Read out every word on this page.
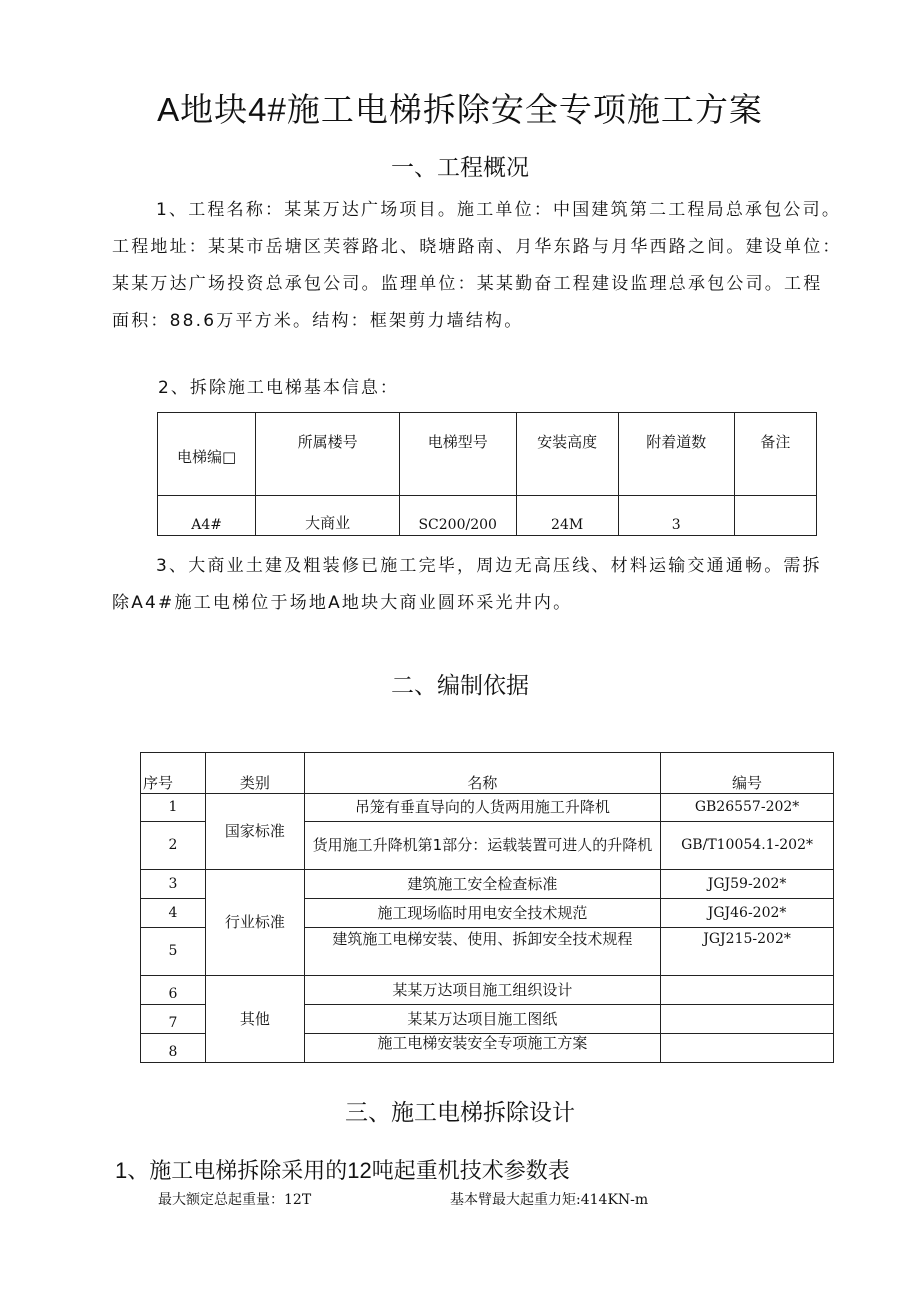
A地块4#施工电梯拆除安全专项施工方案
一、工程概况
1、工程名称：某某万达广场项目。施工单位：中国建筑第二工程局总承包公司。
工程地址：某某市岳塘区芙蓉路北、晓塘路南、月华东路与月华西路之间。建设单位：
某某万达广场投资总承包公司。监理单位：某某勤奋工程建设监理总承包公司。工程
面积：88.6万平方米。结构：框架剪力墙结构。
2、拆除施工电梯基本信息：
电梯编□	所属楼号	电梯型号	安装高度	附着道数	备注
A4#	大商业	SC200/200	24M	3	
3、大商业土建及粗装修已施工完毕，周边无高压线、材料运输交通通畅。需拆
除A4#施工电梯位于场地A地块大商业圆环采光井内。
二、编制依据
序号	类别	名称	编号
1	国家标准	吊笼有垂直导向的人货两用施工升降机	GB26557-202*
2		货用施工升降机第1部分：运载装置可进人的升降机	GB/T10054.1-202*
3	行业标准	建筑施工安全检查标准	JGJ59-202*
4		施工现场临时用电安全技术规范	JGJ46-202*
5		建筑施工电梯安装、使用、拆卸安全技术规程	JGJ215-202*
6	其他	某某万达项目施工组织设计	
7		某某万达项目施工图纸	
8		施工电梯安装安全专项施工方案	
三、施工电梯拆除设计
1、施工电梯拆除采用的12吨起重机技术参数表
最大额定总起重量：12T	基本臂最大起重力矩:414KN-m
